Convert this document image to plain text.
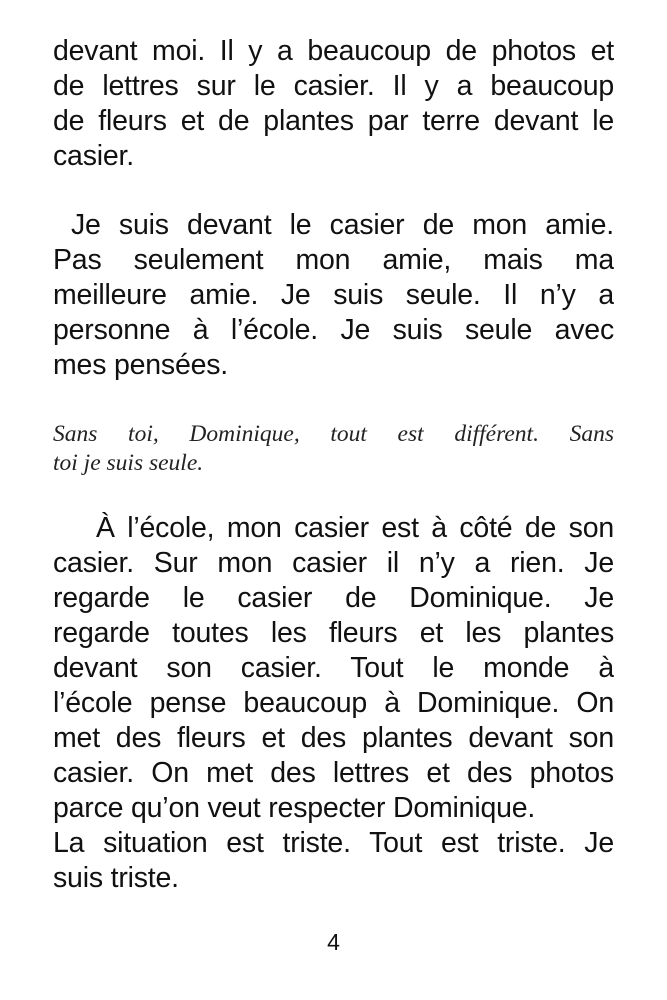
devant moi. Il y a beaucoup de photos et
de lettres sur le casier. Il y a beaucoup
de fleurs et de plantes par terre devant le
casier.
Je suis devant le casier de mon amie.
Pas seulement mon amie, mais ma
meilleure amie. Je suis seule. Il n’y a
personne à l’école. Je suis seule avec
mes pensées.
Sans toi, Dominique, tout est différent. Sans
toi je suis seule.
À l’école, mon casier est à côté de son
casier. Sur mon casier il n’y a rien. Je
regarde le casier de Dominique. Je
regarde toutes les fleurs et les plantes
devant son casier. Tout le monde à
l’école pense beaucoup à Dominique. On
met des fleurs et des plantes devant son
casier. On met des lettres et des photos
parce qu’on veut respecter Dominique.
La situation est triste. Tout est triste. Je
suis triste.
4
